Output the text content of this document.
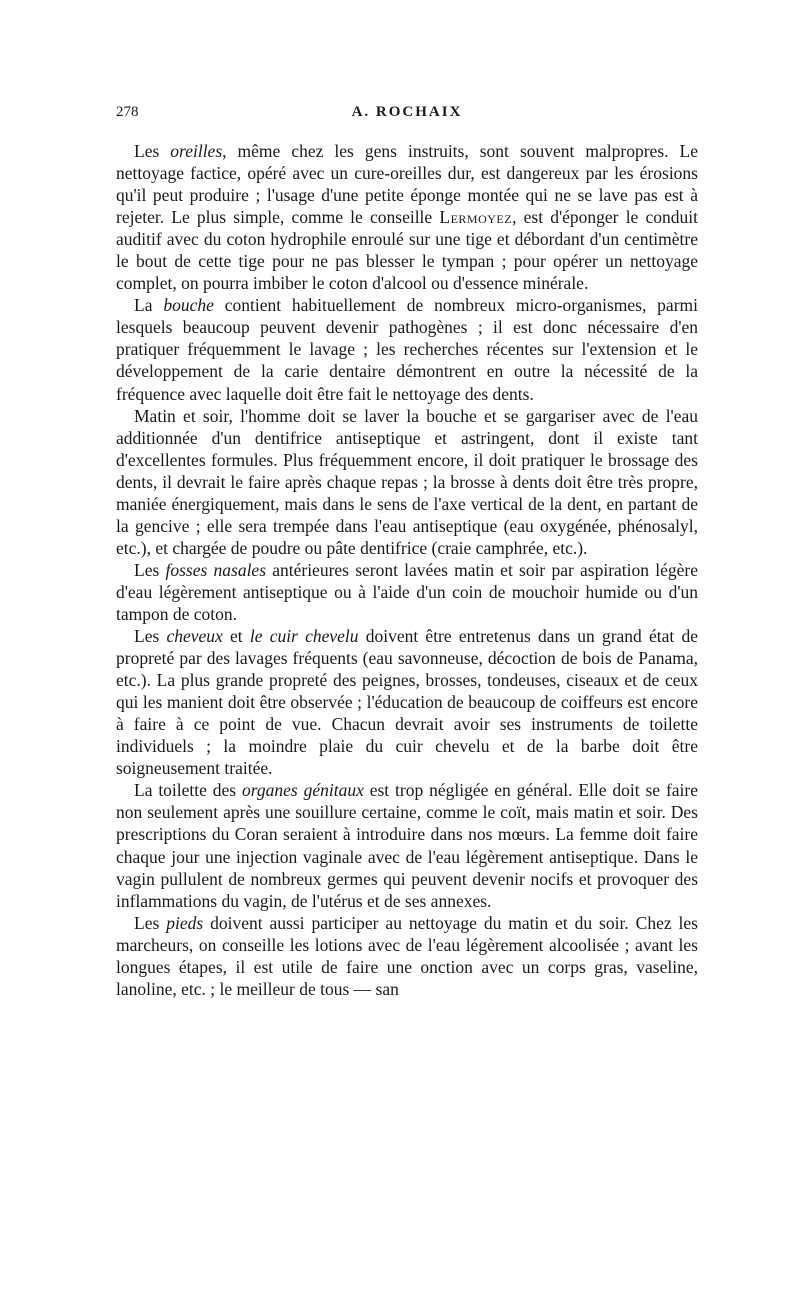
278	A. ROCHAIX

Les oreilles, même chez les gens instruits, sont souvent malpropres. Le nettoyage factice, opéré avec un cure-oreilles dur, est dangereux par les érosions qu'il peut produire ; l'usage d'une petite éponge montée qui ne se lave pas est à rejeter. Le plus simple, comme le conseille Lermoyez, est d'éponger le conduit auditif avec du coton hydrophile enroulé sur une tige et débordant d'un centimètre le bout de cette tige pour ne pas blesser le tympan ; pour opérer un nettoyage complet, on pourra imbiber le coton d'alcool ou d'essence minérale.

La bouche contient habituellement de nombreux micro-organismes, parmi lesquels beaucoup peuvent devenir pathogènes ; il est donc nécessaire d'en pratiquer fréquemment le lavage ; les recherches récentes sur l'extension et le développement de la carie dentaire démontrent en outre la nécessité de la fréquence avec laquelle doit être fait le nettoyage des dents.

Matin et soir, l'homme doit se laver la bouche et se gargariser avec de l'eau additionnée d'un dentifrice antiseptique et astringent, dont il existe tant d'excellentes formules. Plus fréquemment encore, il doit pratiquer le brossage des dents, il devrait le faire après chaque repas ; la brosse à dents doit être très propre, maniée énergiquement, mais dans le sens de l'axe vertical de la dent, en partant de la gencive ; elle sera trempée dans l'eau antiseptique (eau oxygénée, phénosalyl, etc.), et chargée de poudre ou pâte dentifrice (craie camphrée, etc.).

Les fosses nasales antérieures seront lavées matin et soir par aspiration légère d'eau légèrement antiseptique ou à l'aide d'un coin de mouchoir humide ou d'un tampon de coton.

Les cheveux et le cuir chevelu doivent être entretenus dans un grand état de propreté par des lavages fréquents (eau savonneuse, décoction de bois de Panama, etc.). La plus grande propreté des peignes, brosses, tondeuses, ciseaux et de ceux qui les manient doit être observée ; l'éducation de beaucoup de coiffeurs est encore à faire à ce point de vue. Chacun devrait avoir ses instruments de toilette individuels ; la moindre plaie du cuir chevelu et de la barbe doit être soigneusement traitée.

La toilette des organes génitaux est trop négligée en général. Elle doit se faire non seulement après une souillure certaine, comme le coït, mais matin et soir. Des prescriptions du Coran seraient à introduire dans nos mœurs. La femme doit faire chaque jour une injection vaginale avec de l'eau légèrement antiseptique. Dans le vagin pullulent de nombreux germes qui peuvent devenir nocifs et provoquer des inflammations du vagin, de l'utérus et de ses annexes.

Les pieds doivent aussi participer au nettoyage du matin et du soir. Chez les marcheurs, on conseille les lotions avec de l'eau légèrement alcoolisée ; avant les longues étapes, il est utile de faire une onction avec un corps gras, vaseline, lanoline, etc. ; le meilleur de tous — san
